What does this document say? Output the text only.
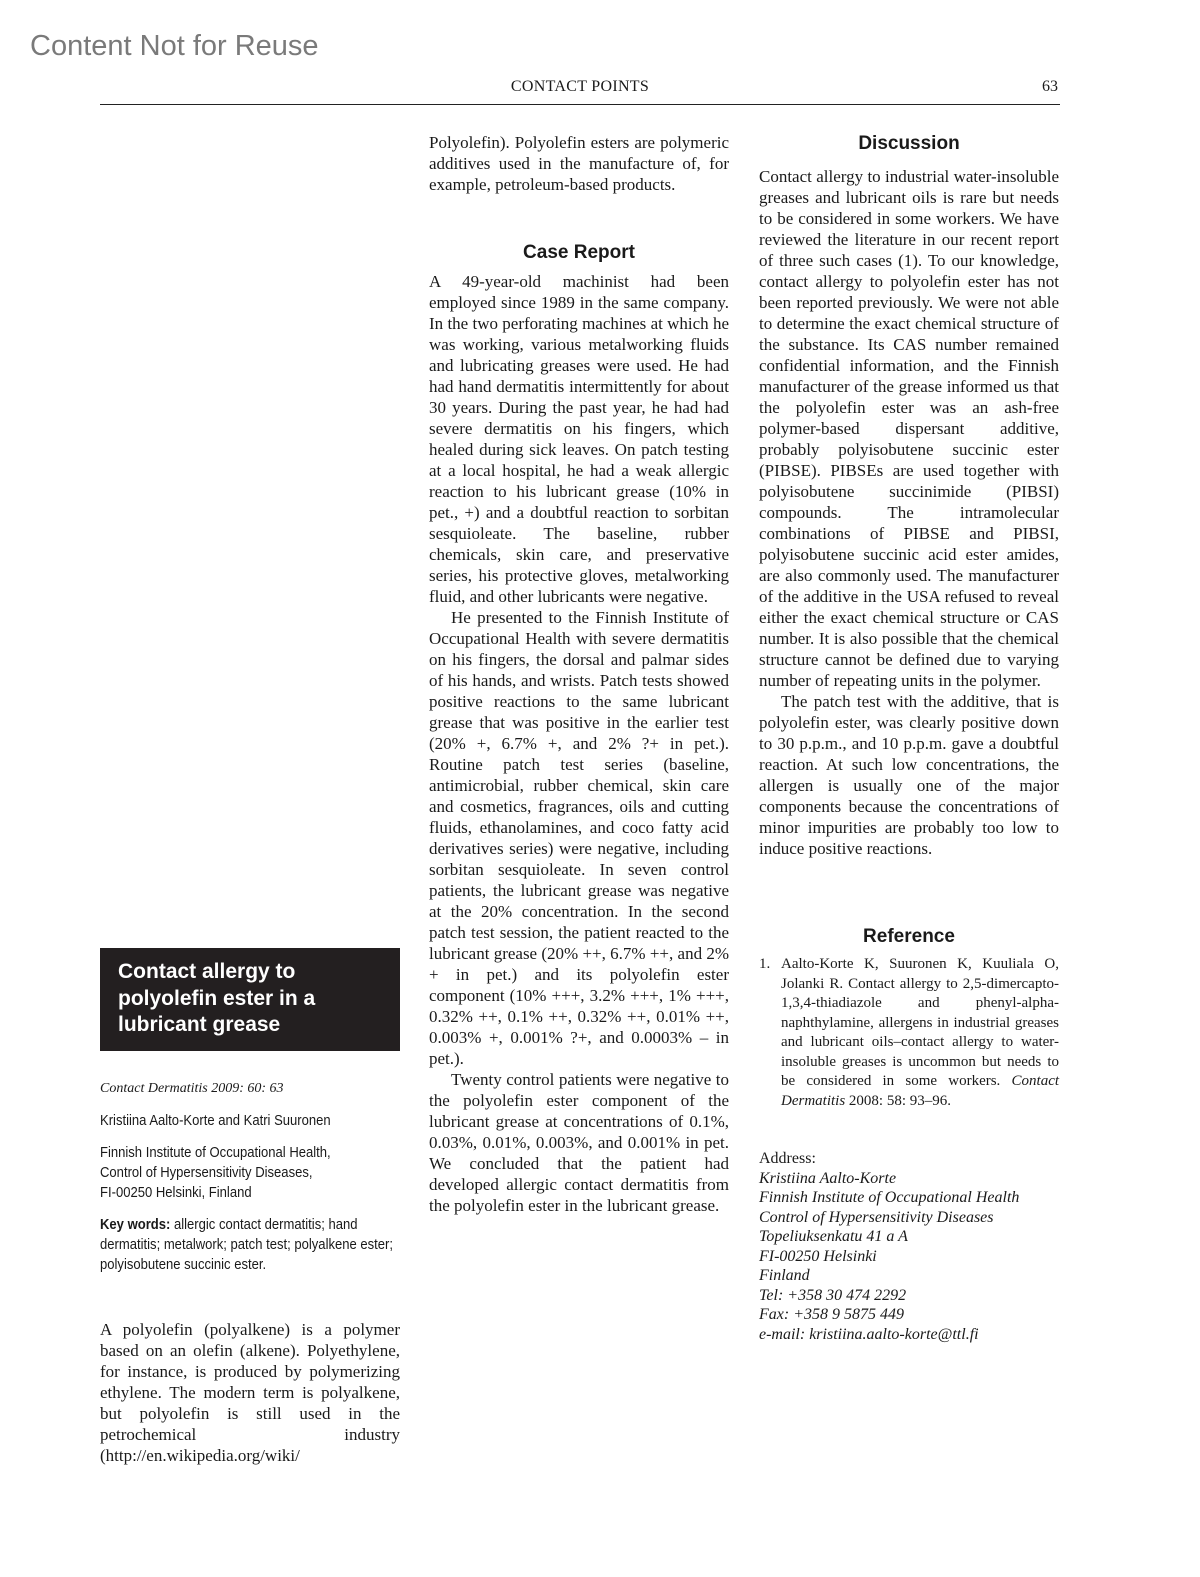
Content Not for Reuse
CONTACT POINTS	63
Contact allergy to polyolefin ester in a lubricant grease
Contact Dermatitis 2009: 60: 63
Kristiina Aalto-Korte and Katri Suuronen
Finnish Institute of Occupational Health,
Control of Hypersensitivity Diseases,
FI-00250 Helsinki, Finland
Key words: allergic contact dermatitis; hand dermatitis; metalwork; patch test; polyalkene ester; polyisobutene succinic ester.

A polyolefin (polyalkene) is a polymer based on an olefin (alkene). Polyethylene, for instance, is produced by polymerizing ethylene. The modern term is polyalkene, but polyolefin is still used in the petrochemical industry (http://en.wikipedia.org/wiki/

Polyolefin). Polyolefin esters are polymeric additives used in the manufacture of, for example, petroleum-based products.

Case Report

A 49-year-old machinist had been employed since 1989 in the same company. In the two perforating machines at which he was working, various metalworking fluids and lubricating greases were used. He had had hand dermatitis intermittently for about 30 years. During the past year, he had had severe dermatitis on his fingers, which healed during sick leaves. On patch testing at a local hospital, he had a weak allergic reaction to his lubricant grease (10% in pet., +) and a doubtful reaction to sorbitan sesquioleate. The baseline, rubber chemicals, skin care, and preservative series, his protective gloves, metalworking fluid, and other lubricants were negative.

He presented to the Finnish Institute of Occupational Health with severe dermatitis on his fingers, the dorsal and palmar sides of his hands, and wrists. Patch tests showed positive reactions to the same lubricant grease that was positive in the earlier test (20% +, 6.7% +, and 2% ?+ in pet.). Routine patch test series (baseline, antimicrobial, rubber chemical, skin care and cosmetics, fragrances, oils and cutting fluids, ethanolamines, and coco fatty acid derivatives series) were negative, including sorbitan sesquioleate. In seven control patients, the lubricant grease was negative at the 20% concentration. In the second patch test session, the patient reacted to the lubricant grease (20% ++, 6.7% ++, and 2% + in pet.) and its polyolefin ester component (10% +++, 3.2% +++, 1% +++, 0.32% ++, 0.1% ++, 0.32% ++, 0.01% ++, 0.003% +, 0.001% ?+, and 0.0003% – in pet.).

Twenty control patients were negative to the polyolefin ester component of the lubricant grease at concentrations of 0.1%, 0.03%, 0.01%, 0.003%, and 0.001% in pet. We concluded that the patient had developed allergic contact dermatitis from the polyolefin ester in the lubricant grease.

Discussion

Contact allergy to industrial water-insoluble greases and lubricant oils is rare but needs to be considered in some workers. We have reviewed the literature in our recent report of three such cases (1). To our knowledge, contact allergy to polyolefin ester has not been reported previously. We were not able to determine the exact chemical structure of the substance. Its CAS number remained confidential information, and the Finnish manufacturer of the grease informed us that the polyolefin ester was an ash-free polymer-based dispersant additive, probably polyisobutene succinic ester (PIBSE). PIBSEs are used together with polyisobutene succinimide (PIBSI) compounds. The intramolecular combinations of PIBSE and PIBSI, polyisobutene succinic acid ester amides, are also commonly used. The manufacturer of the additive in the USA refused to reveal either the exact chemical structure or CAS number. It is also possible that the chemical structure cannot be defined due to varying number of repeating units in the polymer.

The patch test with the additive, that is polyolefin ester, was clearly positive down to 30 p.p.m., and 10 p.p.m. gave a doubtful reaction. At such low concentrations, the allergen is usually one of the major components because the concentrations of minor impurities are probably too low to induce positive reactions.

Reference
1. Aalto-Korte K, Suuronen K, Kuuliala O, Jolanki R. Contact allergy to 2,5-dimercapto-1,3,4-thiadiazole and phenyl-alpha-naphthylamine, allergens in industrial greases and lubricant oils–contact allergy to water-insoluble greases is uncommon but needs to be considered in some workers. Contact Dermatitis 2008: 58: 93–96.
Address:
Kristiina Aalto-Korte
Finnish Institute of Occupational Health
Control of Hypersensitivity Diseases
Topeliuksenkatu 41 a A
FI-00250 Helsinki
Finland
Tel: +358 30 474 2292
Fax: +358 9 5875 449
e-mail: kristiina.aalto-korte@ttl.fi
